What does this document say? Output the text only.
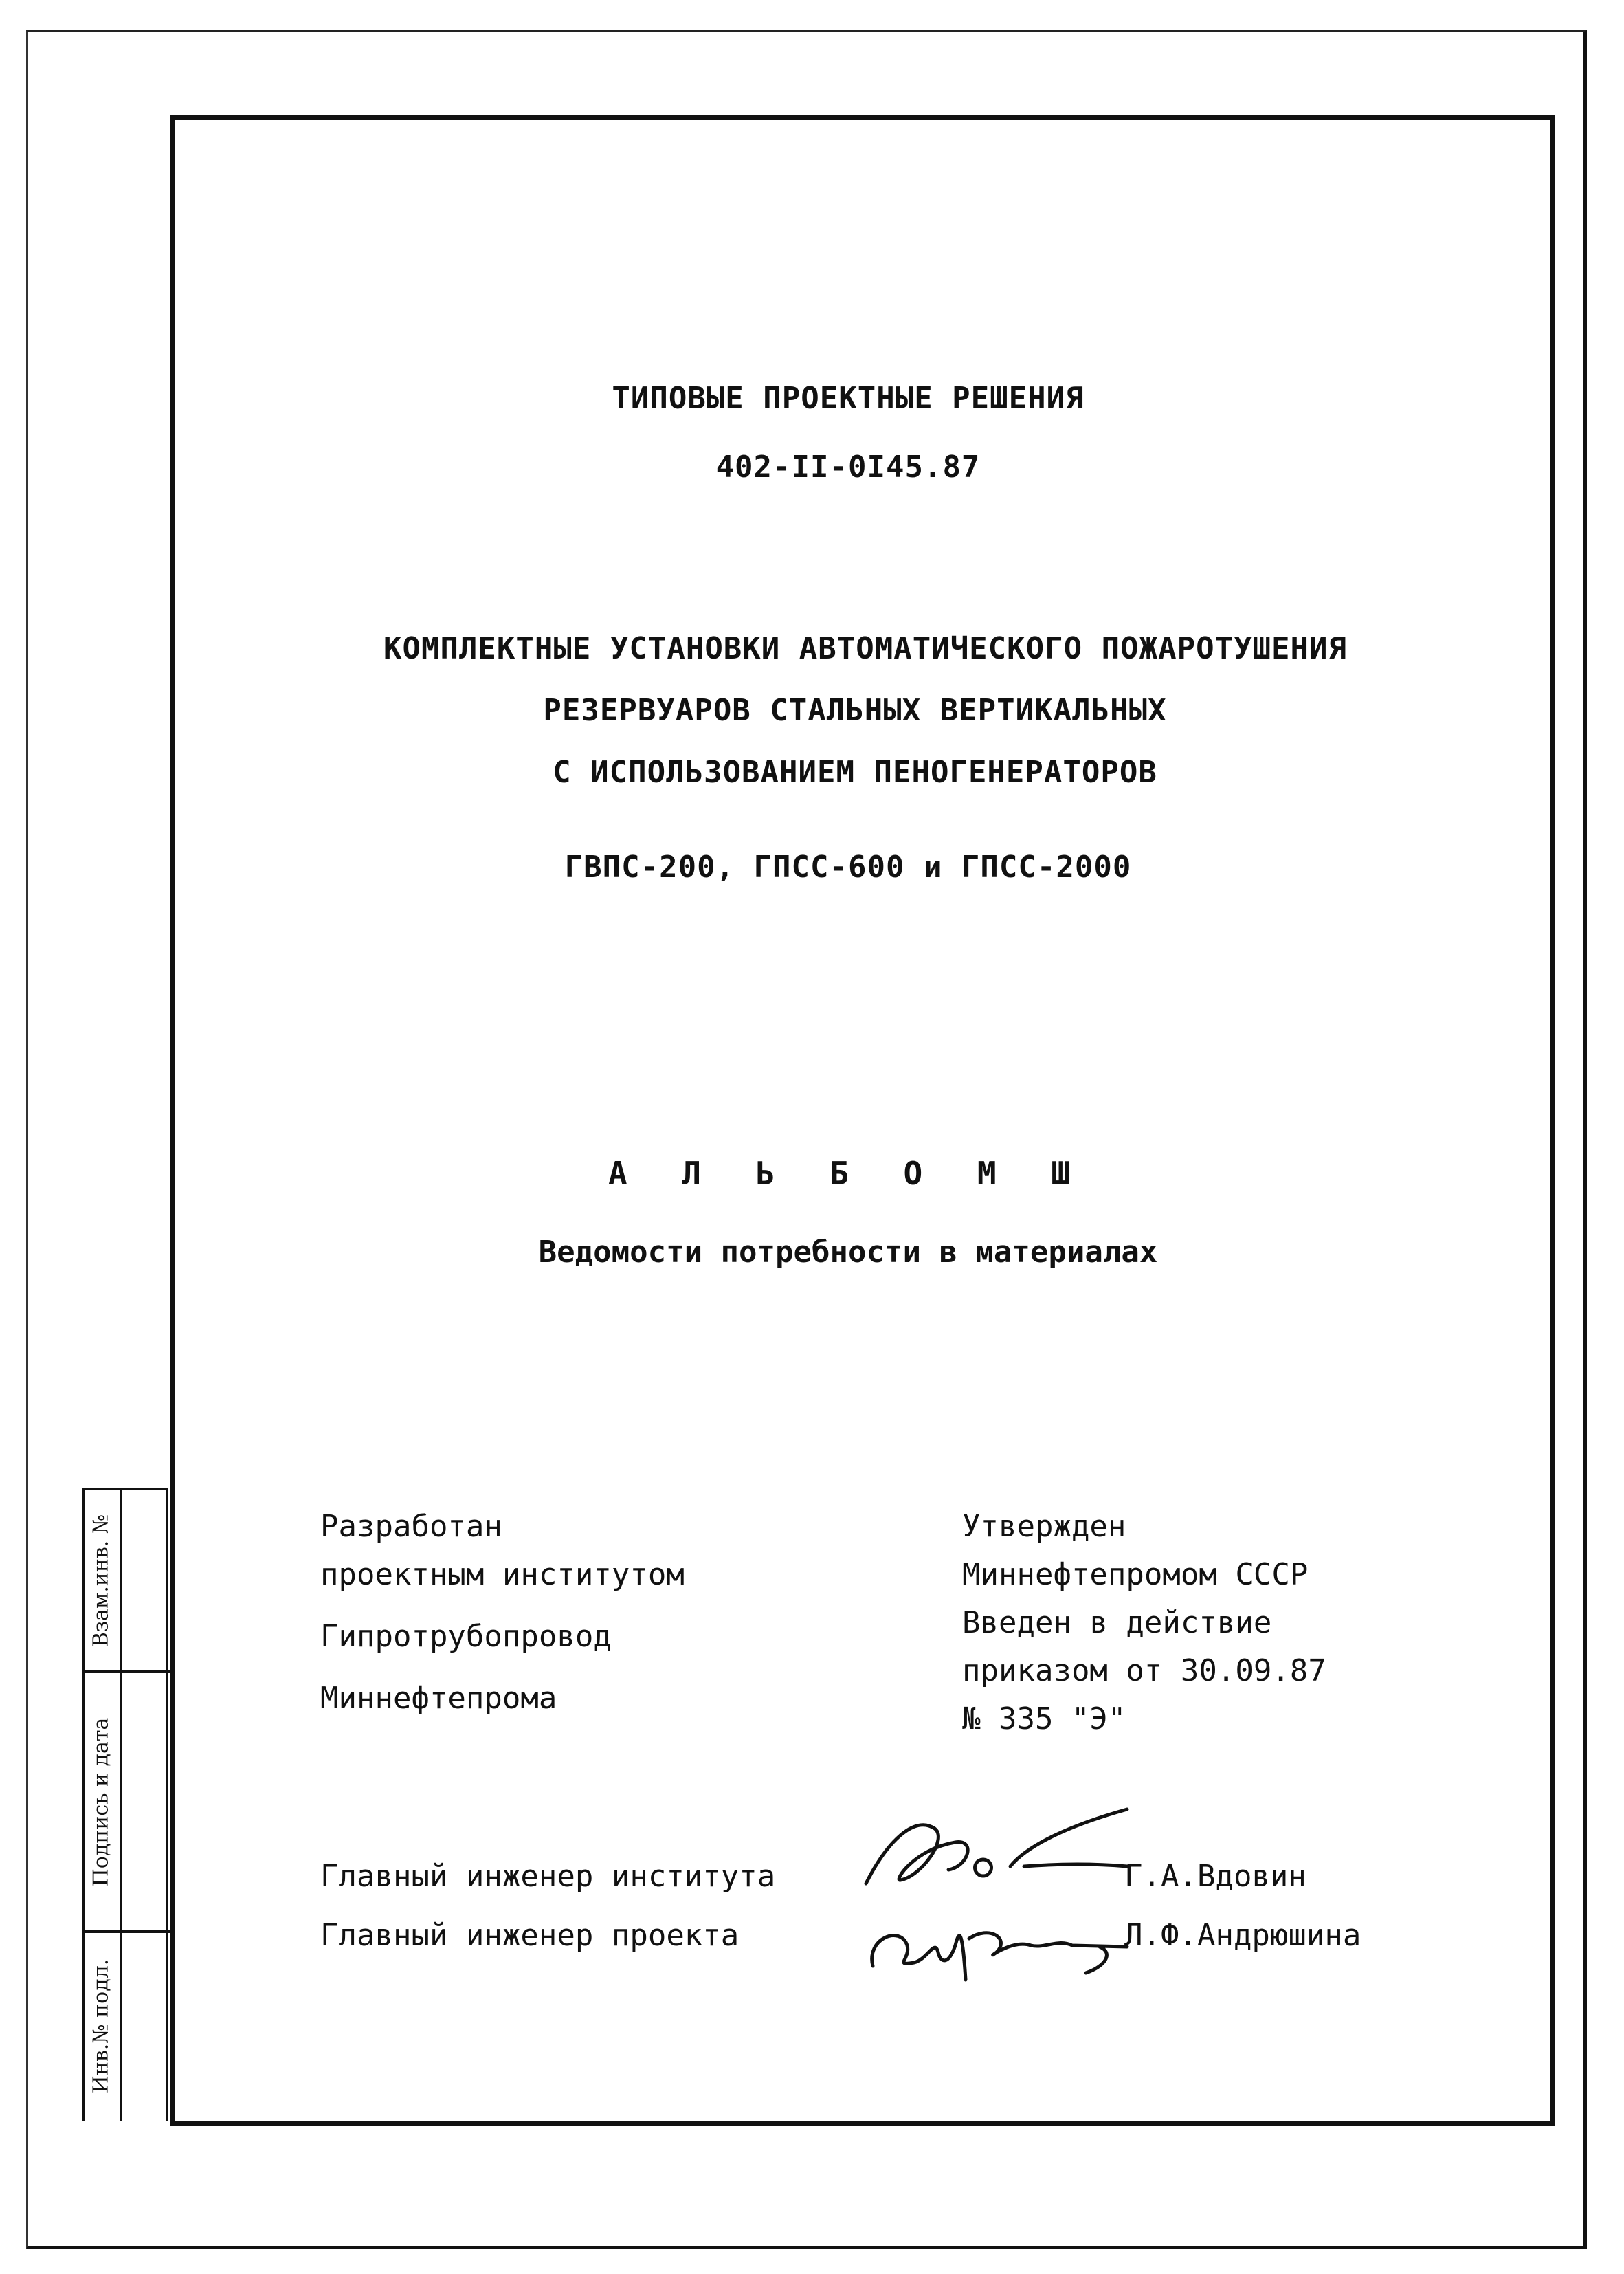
Взам.инв. №
Подпись и дата
Инв.№ подл.
ТИПОВЫЕ ПРОЕКТНЫЕ РЕШЕНИЯ
402-II-0I45.87
КОМПЛЕКТНЫЕ УСТАНОВКИ АВТОМАТИЧЕСКОГО ПОЖАРОТУШЕНИЯ
РЕЗЕРВУАРОВ СТАЛЬНЫХ ВЕРТИКАЛЬНЫХ
С ИСПОЛЬЗОВАНИЕМ ПЕНОГЕНЕРАТОРОВ
ГВПС-200, ГПСС-600 и ГПСС-2000
А Л Ь Б О М Ш
Ведомости потребности в материалах
Разработан
проектным институтом
Гипротрубопровод
Миннефтепрома
Утвержден
Миннефтепромом СССР
Введен в действие
приказом от 30.09.87
№ 335 "Э"
Главный инженер института	Г.А.Вдовин
Главный инженер проекта	Л.Ф.Андрюшина
